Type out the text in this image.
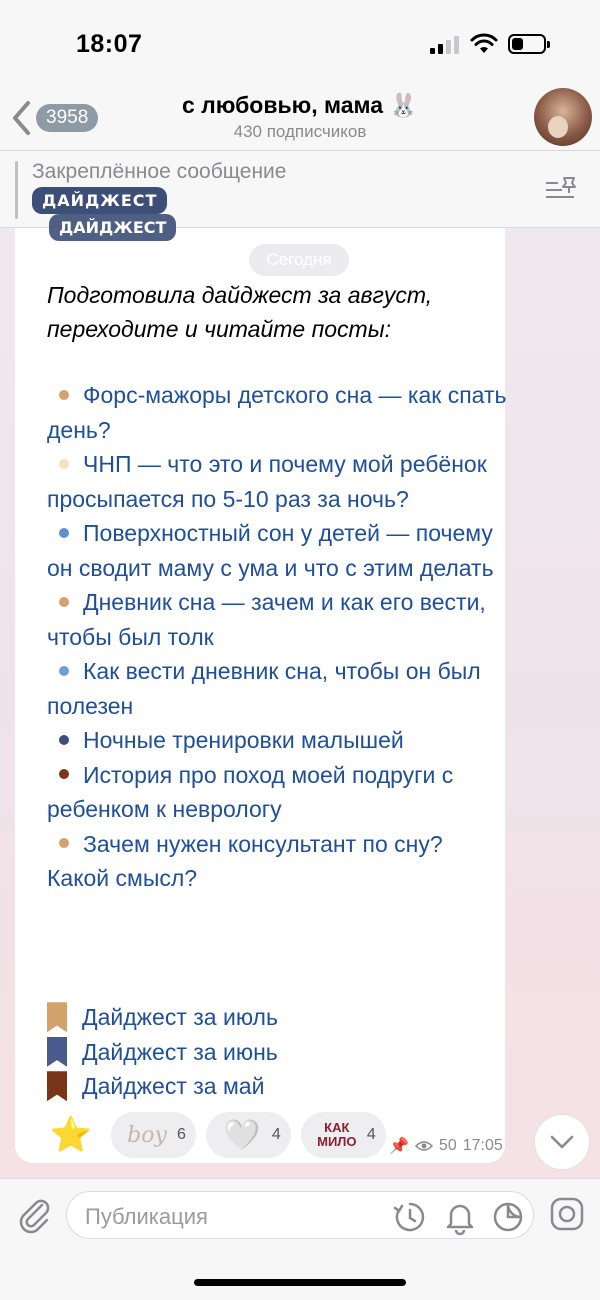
18:07
3958	с любовью, мама 🐰
430 подписчиков
Закреплённое сообщение
ДАЙДЖЕСТ
ДАЙДЖЕСТ
Подготовила дайджест за август,
переходите и читайте посты:
Форс-мажоры детского сна — как спать день?
ЧНП — что это и почему мой ребёнок просыпается по 5-10 раз за ночь?
Поверхностный сон у детей — почему он сводит маму с ума и что с этим делать
Дневник сна — зачем и как его вести, чтобы был толк
Как вести дневник сна, чтобы он был полезен
Ночные тренировки малышей
История про поход моей подруги с ребенком к неврологу
Зачем нужен консультант по сну? Какой смысл?
Дайджест за июль
Дайджест за июнь
Дайджест за май
⭐ boy 6 🤍 4	КАК
МИЛО 4
📌 50 17:05
Сегодня
Публикация
